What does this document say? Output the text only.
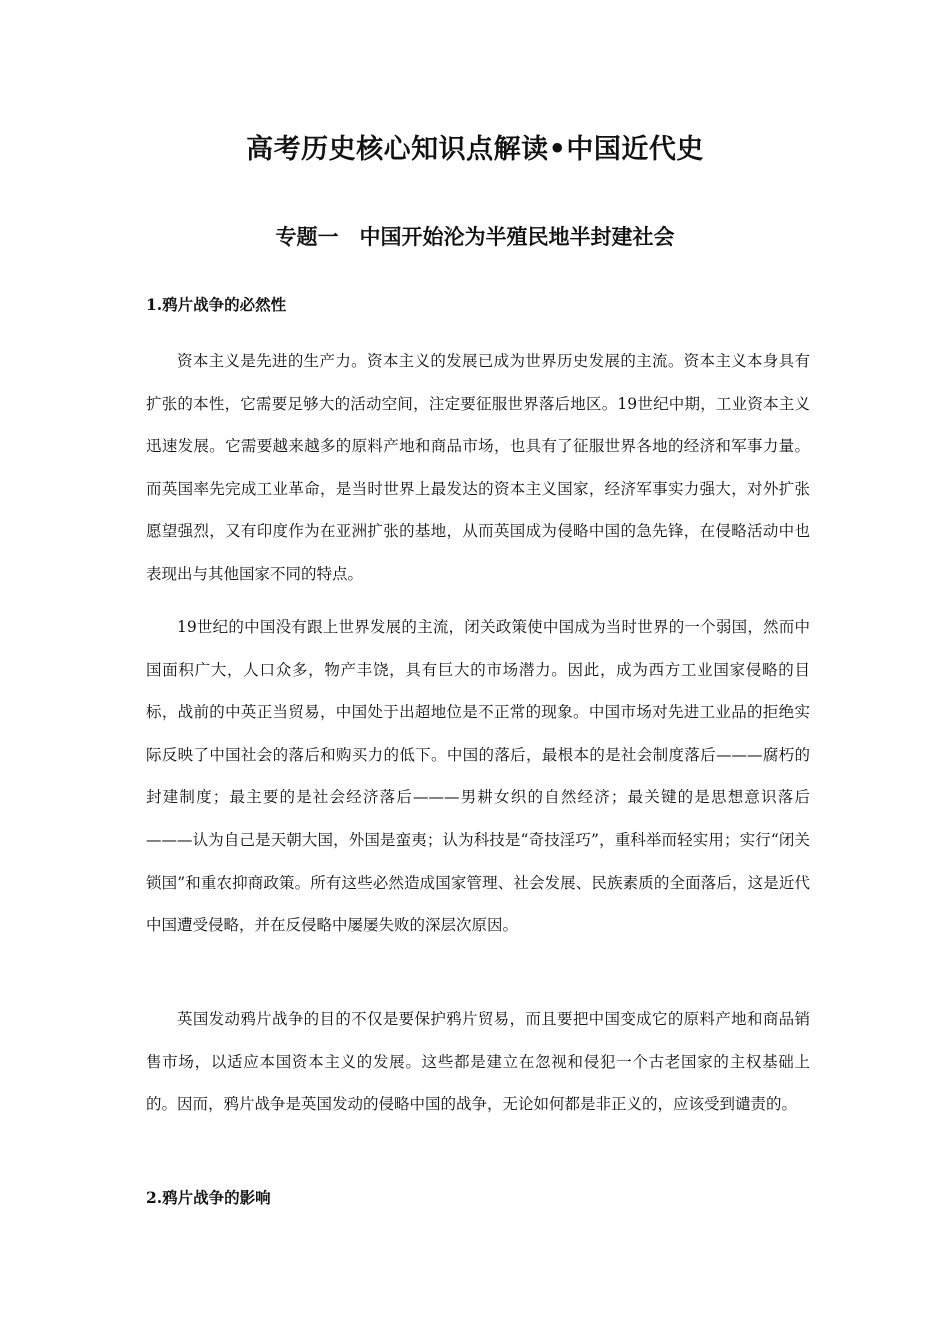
高考历史核心知识点解读•中国近代史
专题一　中国开始沦为半殖民地半封建社会
1.鸦片战争的必然性

资本主义是先进的生产力。资本主义的发展已成为世界历史发展的主流。资本主义本身具有扩张的本性，它需要足够大的活动空间，注定要征服世界落后地区。19世纪中期，工业资本主义迅速发展。它需要越来越多的原料产地和商品市场，也具有了征服世界各地的经济和军事力量。而英国率先完成工业革命，是当时世界上最发达的资本主义国家，经济军事实力强大，对外扩张愿望强烈，又有印度作为在亚洲扩张的基地，从而英国成为侵略中国的急先锋，在侵略活动中也表现出与其他国家不同的特点。

19世纪的中国没有跟上世界发展的主流，闭关政策使中国成为当时世界的一个弱国，然而中国面积广大，人口众多，物产丰饶，具有巨大的市场潜力。因此，成为西方工业国家侵略的目标，战前的中英正当贸易，中国处于出超地位是不正常的现象。中国市场对先进工业品的拒绝实际反映了中国社会的落后和购买力的低下。中国的落后，最根本的是社会制度落后———腐朽的封建制度；最主要的是社会经济落后———男耕女织的自然经济；最关键的是思想意识落后———认为自己是天朝大国，外国是蛮夷；认为科技是“奇技淫巧”，重科举而轻实用；实行“闭关锁国”和重农抑商政策。所有这些必然造成国家管理、社会发展、民族素质的全面落后，这是近代中国遭受侵略，并在反侵略中屡屡失败的深层次原因。

英国发动鸦片战争的目的不仅是要保护鸦片贸易，而且要把中国变成它的原料产地和商品销售市场，以适应本国资本主义的发展。这些都是建立在忽视和侵犯一个古老国家的主权基础上的。因而，鸦片战争是英国发动的侵略中国的战争，无论如何都是非正义的，应该受到谴责的。

2.鸦片战争的影响
